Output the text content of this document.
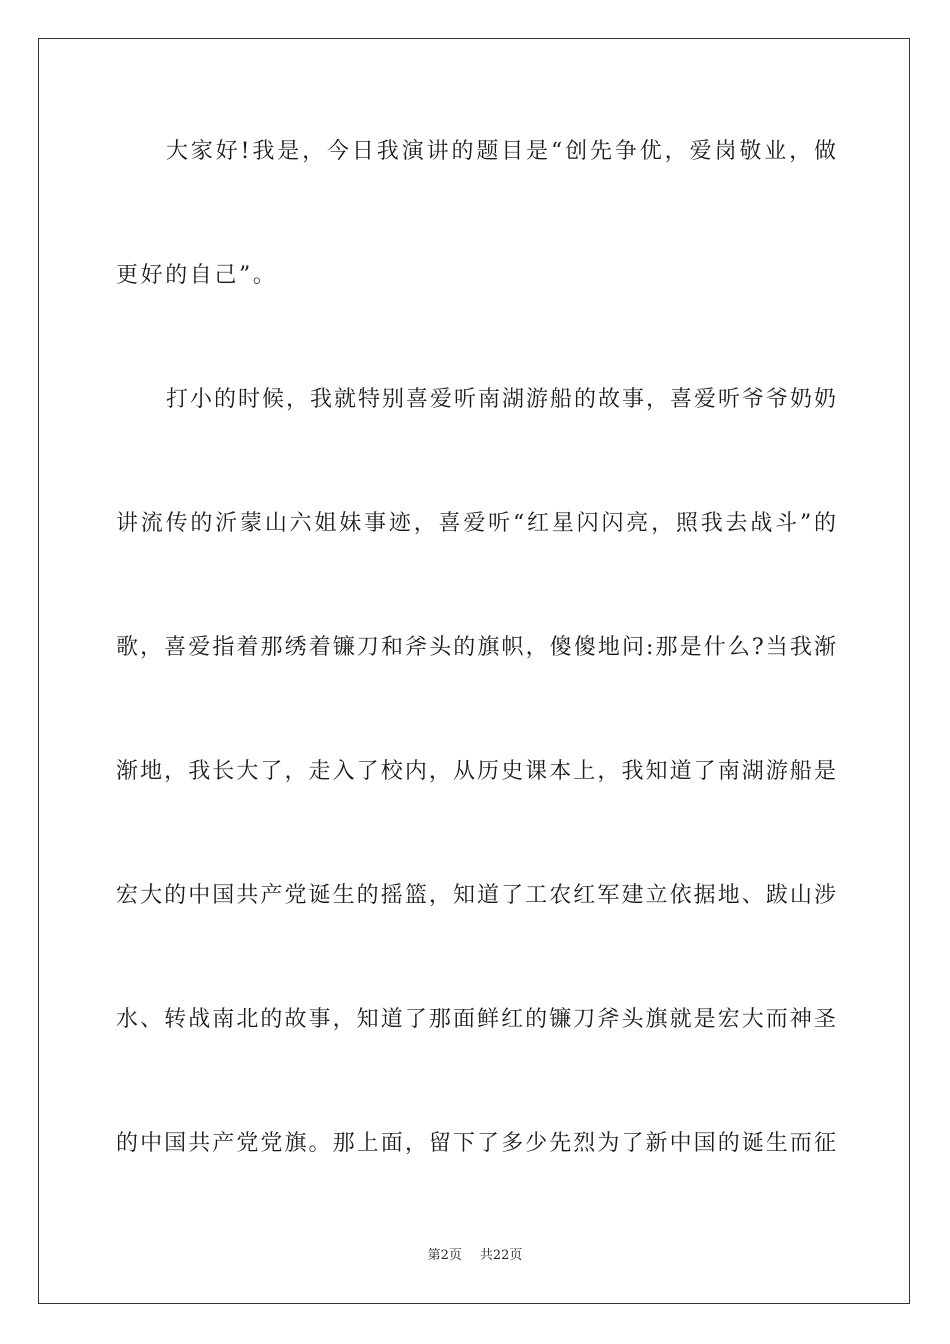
大家好!我是，今日我演讲的题目是“创先争优，爱岗敬业，做
更好的自己”。
打小的时候，我就特别喜爱听南湖游船的故事，喜爱听爷爷奶奶
讲流传的沂蒙山六姐妹事迹，喜爱听“红星闪闪亮，照我去战斗”的
歌，喜爱指着那绣着镰刀和斧头的旗帜，傻傻地问:那是什么?当我渐
渐地，我长大了，走入了校内，从历史课本上，我知道了南湖游船是
宏大的中国共产党诞生的摇篮，知道了工农红军建立依据地、跋山涉
水、转战南北的故事，知道了那面鲜红的镰刀斧头旗就是宏大而神圣
的中国共产党党旗。那上面，留下了多少先烈为了新中国的诞生而征
第2页 共22页
